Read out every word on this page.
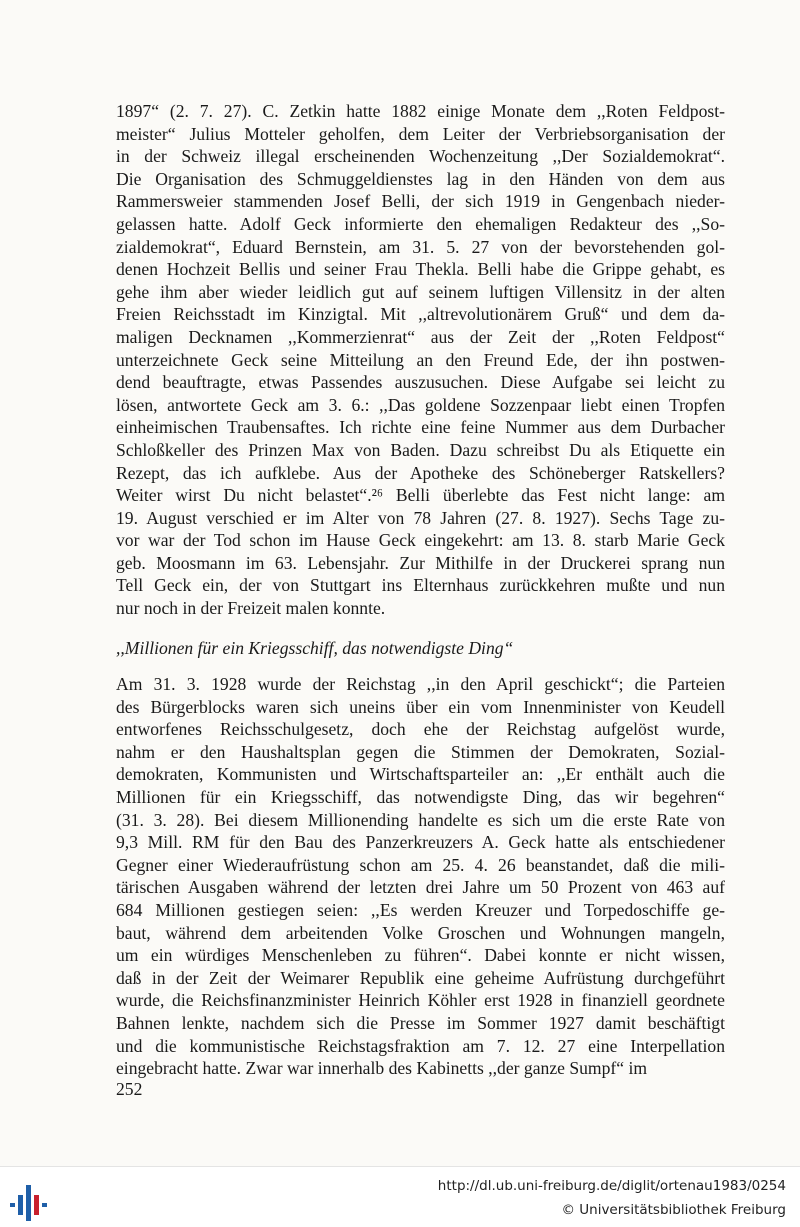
1897“ (2. 7. 27). C. Zetkin hatte 1882 einige Monate dem ,,Roten Feldpost-
meister“ Julius Motteler geholfen, dem Leiter der Verbriebsorganisation der
in der Schweiz illegal erscheinenden Wochenzeitung ,,Der Sozialdemokrat“.
Die Organisation des Schmuggeldienstes lag in den Händen von dem aus
Rammersweier stammenden Josef Belli, der sich 1919 in Gengenbach nieder-
gelassen hatte. Adolf Geck informierte den ehemaligen Redakteur des ,,So-
zialdemokrat“, Eduard Bernstein, am 31. 5. 27 von der bevorstehenden gol-
denen Hochzeit Bellis und seiner Frau Thekla. Belli habe die Grippe gehabt, es
gehe ihm aber wieder leidlich gut auf seinem luftigen Villensitz in der alten
Freien Reichsstadt im Kinzigtal. Mit ,,altrevolutionärem Gruß“ und dem da-
maligen Decknamen ,,Kommerzienrat“ aus der Zeit der ,,Roten Feldpost“
unterzeichnete Geck seine Mitteilung an den Freund Ede, der ihn postwen-
dend beauftragte, etwas Passendes auszusuchen. Diese Aufgabe sei leicht zu
lösen, antwortete Geck am 3. 6.: ,,Das goldene Sozzenpaar liebt einen Tropfen
einheimischen Traubensaftes. Ich richte eine feine Nummer aus dem Durbacher
Schloßkeller des Prinzen Max von Baden. Dazu schreibst Du als Etiquette ein
Rezept, das ich aufklebe. Aus der Apotheke des Schöneberger Ratskellers?
Weiter wirst Du nicht belastet“.²⁶ Belli überlebte das Fest nicht lange: am
19. August verschied er im Alter von 78 Jahren (27. 8. 1927). Sechs Tage zu-
vor war der Tod schon im Hause Geck eingekehrt: am 13. 8. starb Marie Geck
geb. Moosmann im 63. Lebensjahr. Zur Mithilfe in der Druckerei sprang nun
Tell Geck ein, der von Stuttgart ins Elternhaus zurückkehren mußte und nun
nur noch in der Freizeit malen konnte.
,,Millionen für ein Kriegsschiff, das notwendigste Ding“
Am 31. 3. 1928 wurde der Reichstag ,,in den April geschickt“; die Parteien
des Bürgerblocks waren sich uneins über ein vom Innenminister von Keudell
entworfenes Reichsschulgesetz, doch ehe der Reichstag aufgelöst wurde,
nahm er den Haushaltsplan gegen die Stimmen der Demokraten, Sozial-
demokraten, Kommunisten und Wirtschaftsparteiler an: ,,Er enthält auch die
Millionen für ein Kriegsschiff, das notwendigste Ding, das wir begehren“
(31. 3. 28). Bei diesem Millionending handelte es sich um die erste Rate von
9,3 Mill. RM für den Bau des Panzerkreuzers A. Geck hatte als entschiedener
Gegner einer Wiederaufrüstung schon am 25. 4. 26 beanstandet, daß die mili-
tärischen Ausgaben während der letzten drei Jahre um 50 Prozent von 463 auf
684 Millionen gestiegen seien: ,,Es werden Kreuzer und Torpedoschiffe ge-
baut, während dem arbeitenden Volke Groschen und Wohnungen mangeln,
um ein würdiges Menschenleben zu führen“. Dabei konnte er nicht wissen,
daß in der Zeit der Weimarer Republik eine geheime Aufrüstung durchgeführt
wurde, die Reichsfinanzminister Heinrich Köhler erst 1928 in finanziell geordnete
Bahnen lenkte, nachdem sich die Presse im Sommer 1927 damit beschäftigt
und die kommunistische Reichstagsfraktion am 7. 12. 27 eine Interpellation
eingebracht hatte. Zwar war innerhalb des Kabinetts ,,der ganze Sumpf“ im
252
http://dl.ub.uni-freiburg.de/diglit/ortenau1983/0254
© Universitätsbibliothek Freiburg
